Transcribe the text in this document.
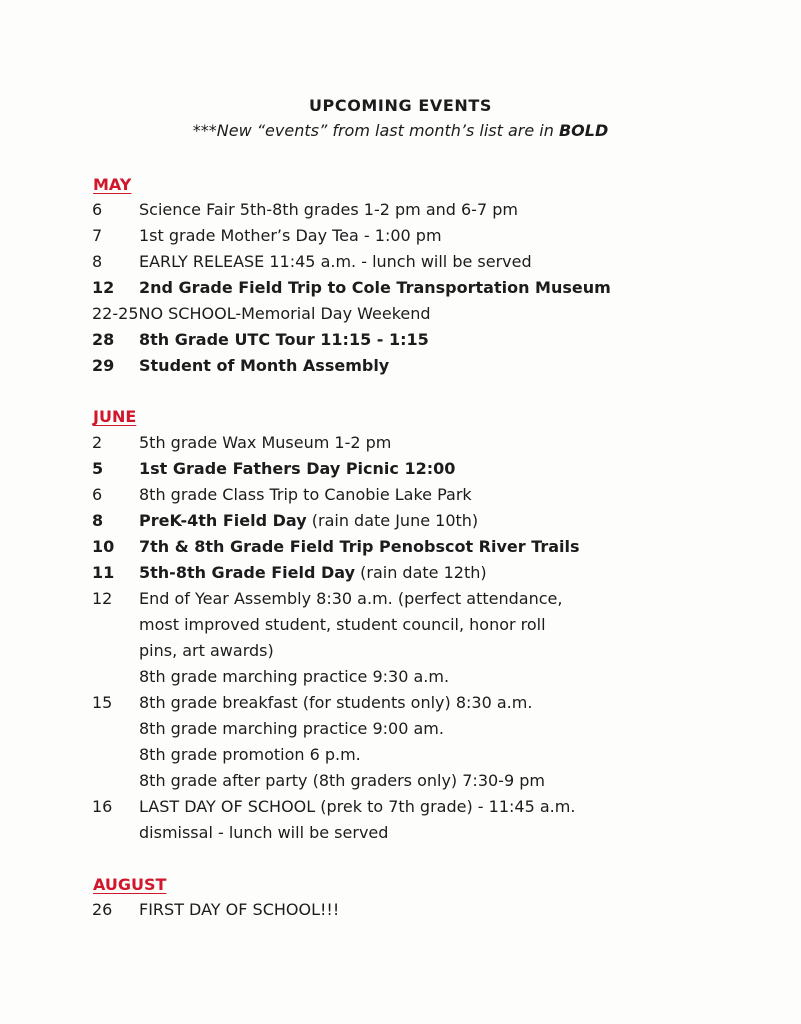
UPCOMING EVENTS
***New “events” from last month’s list are in BOLD
MAY
6 Science Fair 5th-8th grades 1-2 pm and 6-7 pm
7 1st grade Mother’s Day Tea - 1:00 pm
8 EARLY RELEASE 11:45 a.m. - lunch will be served
12 2nd Grade Field Trip to Cole Transportation Museum
22-25NO SCHOOL-Memorial Day Weekend
28 8th Grade UTC Tour 11:15 - 1:15
29 Student of Month Assembly
JUNE
2 5th grade Wax Museum 1-2 pm
5 1st Grade Fathers Day Picnic 12:00
6 8th grade Class Trip to Canobie Lake Park
8 PreK-4th Field Day (rain date June 10th)
10 7th & 8th Grade Field Trip Penobscot River Trails
11 5th-8th Grade Field Day (rain date 12th)
12 End of Year Assembly 8:30 a.m. (perfect attendance,
most improved student, student council, honor roll
pins, art awards)
8th grade marching practice 9:30 a.m.
15 8th grade breakfast (for students only) 8:30 a.m.
8th grade marching practice 9:00 am.
8th grade promotion 6 p.m.
8th grade after party (8th graders only) 7:30-9 pm
16 LAST DAY OF SCHOOL (prek to 7th grade) - 11:45 a.m.
dismissal - lunch will be served
AUGUST
26 FIRST DAY OF SCHOOL!!!
